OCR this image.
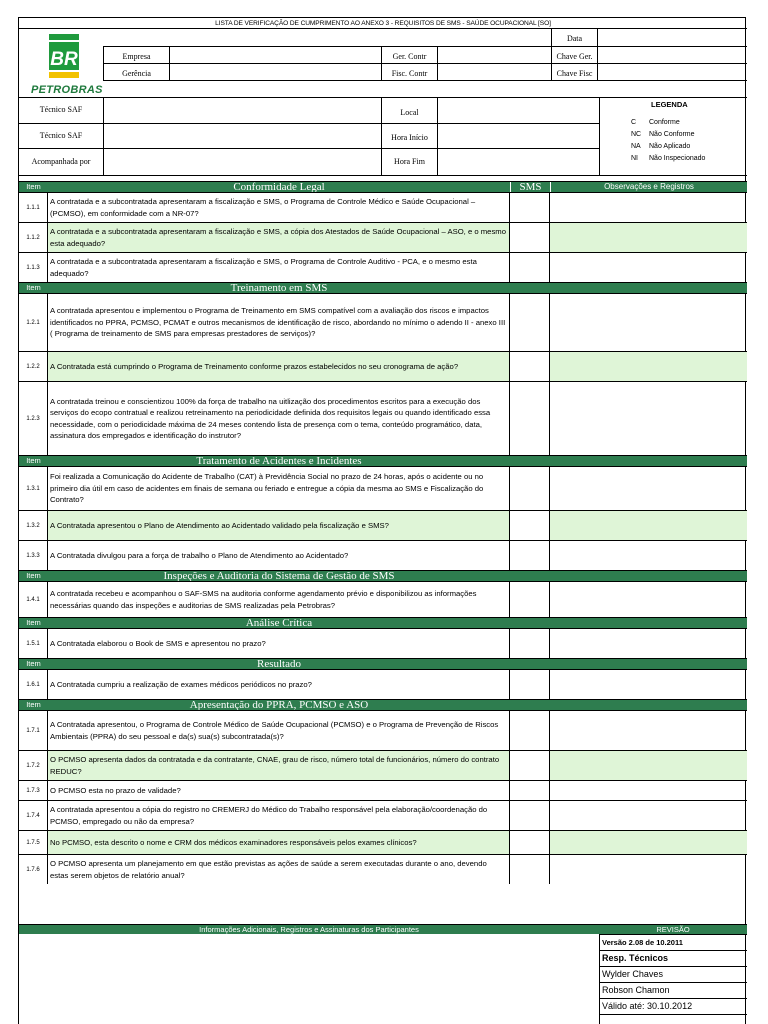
LISTA DE VERIFICAÇÃO DE CUMPRIMENTO AO ANEXO 3 - REQUISITOS DE SMS - SAÚDE OCUPACIONAL [SO]
BR
PETROBRAS
Empresa
Gerência
Ger. Contr
Fisc. Contr
Data
Chave Ger.
Chave Fisc
Técnico SAF
Técnico SAF
Acompanhada por
Local
Hora Início
Hora Fim
LEGENDA
C Conforme
NC Não Conforme
NA Não Aplicado
NI Não Inspecionado
Item	Conformidade Legal	SMS	Observações e Registros
1.1.1
A contratada e a subcontratada apresentaram a fiscalização e SMS, o Programa de Controle Médico e Saúde Ocupacional – (PCMSO), em conformidade com a NR-07?
1.1.2
A contratada e a subcontratada apresentaram a fiscalização e SMS, a cópia dos Atestados de Saúde Ocupacional – ASO, e o mesmo esta adequado?
1.1.3
A contratada e a subcontratada apresentaram a fiscalização e SMS, o Programa de Controle Auditivo - PCA, e o mesmo esta adequado?
Item	Treinamento em SMS
1.2.1
A contratada apresentou e implementou o Programa de Treinamento em SMS compatível com a avaliação dos riscos e impactos identificados no PPRA, PCMSO, PCMAT e outros mecanismos de identificação de risco, abordando no mínimo o adendo II - anexo III ( Programa de treinamento de SMS para empresas prestadores de serviços)?
1.2.2	A Contratada está cumprindo o Programa de Treinamento conforme prazos estabelecidos no seu cronograma de ação?
1.2.3
A contratada treinou e conscientizou 100% da força de trabalho na uitlização dos procedimentos escritos para a execução dos serviços do ecopo contratual e realizou retreinamento na periodicidade definida dos requisitos legais ou quando identificado essa necessidade, com o periodicidade máxima de 24 meses contendo lista de presença com o tema, conteúdo programático, data, assinatura dos empregados e identificação do instrutor?
Item	Tratamento de Acidentes e Incidentes
1.3.1
Foi realizada a Comunicação do Acidente de Trabalho (CAT) à Previdência Social no prazo de 24 horas, após o acidente ou no primeiro dia útil em caso de acidentes em finais de semana ou feriado e entregue a cópia da mesma ao SMS e Fiscalização do Contrato?
1.3.2	A Contratada apresentou o Plano de Atendimento ao Acidentado validado pela fiscalização e SMS?
1.3.3	A Contratada divulgou para a força de trabalho o Plano de Atendimento ao Acidentado?
Item	Inspeções e Auditoria do Sistema de Gestão de SMS
1.4.1
A contratada recebeu e acompanhou o SAF-SMS na auditoria conforme agendamento prévio e disponibilizou as informações necessárias quando das inspeções e auditorias de SMS realizadas pela Petrobras?
Item	Análise Crítica
1.5.1	A Contratada elaborou o Book de SMS e apresentou no prazo?
Item	Resultado
1.6.1	A Contratada cumpriu a realização de exames médicos periódicos no prazo?
Item	Apresentação do PPRA, PCMSO e ASO
1.7.1
A Contratada apresentou, o Programa de Controle Médico de Saúde Ocupacional (PCMSO) e o Programa de Prevenção de Riscos Ambientais (PPRA) do seu pessoal e da(s) sua(s) subcontratada(s)?
1.7.2
O PCMSO apresenta dados da contratada e da contratante, CNAE, grau de risco, número total de funcionários, número do contrato REDUC?
1.7.3	O PCMSO esta no prazo de validade?
1.7.4
A contratada apresentou a cópia do registro no CREMERJ do Médico do Trabalho responsável pela elaboração/coordenação do PCMSO, empregado ou não da empresa?
1.7.5	No PCMSO, esta descrito o nome e CRM dos médicos examinadores responsáveis pelos exames clínicos?
1.7.6
O PCMSO apresenta um planejamento em que estão previstas as ações de saúde a serem executadas durante o ano, devendo estas serem objetos de relatório anual?
Informações Adicionais, Registros e Assinaturas dos Participantes	REVISÃO
Versão 2.08 de 10.2011
Resp. Técnicos
Wylder Chaves
Robson Chamon
Válido até: 30.10.2012
